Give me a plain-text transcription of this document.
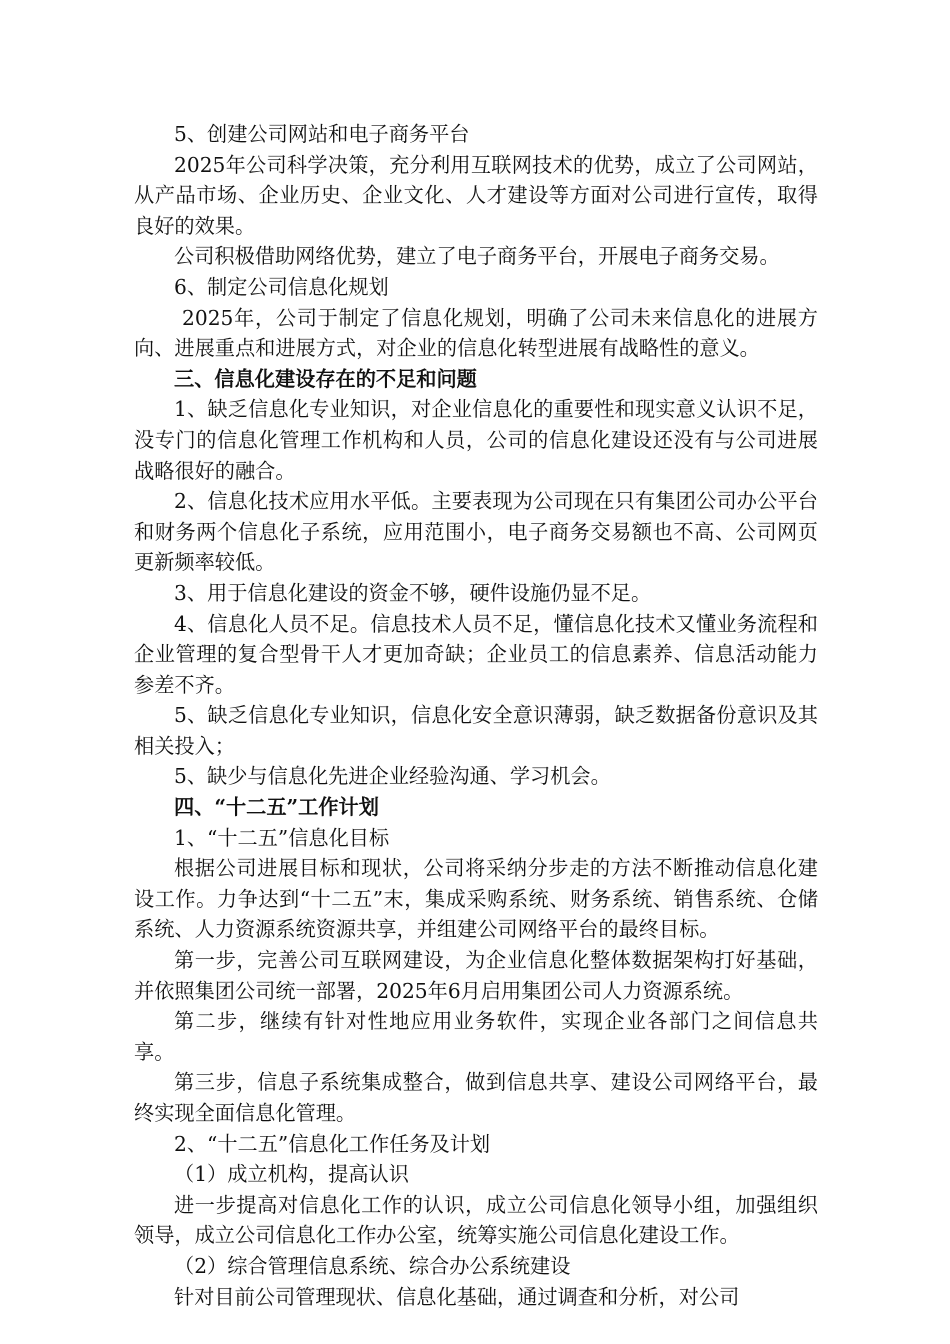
5、创建公司网站和电子商务平台

2025年公司科学决策，充分利用互联网技术的优势，成立了公司网站，从产品市场、企业历史、企业文化、人才建设等方面对公司进行宣传，取得良好的效果。

公司积极借助网络优势，建立了电子商务平台，开展电子商务交易。

6、制定公司信息化规划

2025年，公司于制定了信息化规划，明确了公司未来信息化的进展方向、进展重点和进展方式，对企业的信息化转型进展有战略性的意义。

三、信息化建设存在的不足和问题

1、缺乏信息化专业知识，对企业信息化的重要性和现实意义认识不足，没专门的信息化管理工作机构和人员，公司的信息化建设还没有与公司进展战略很好的融合。

2、信息化技术应用水平低。主要表现为公司现在只有集团公司办公平台和财务两个信息化子系统，应用范围小，电子商务交易额也不高、公司网页更新频率较低。

3、用于信息化建设的资金不够，硬件设施仍显不足。

4、信息化人员不足。信息技术人员不足，懂信息化技术又懂业务流程和企业管理的复合型骨干人才更加奇缺；企业员工的信息素养、信息活动能力参差不齐。

5、缺乏信息化专业知识，信息化安全意识薄弱，缺乏数据备份意识及其相关投入；

5、缺少与信息化先进企业经验沟通、学习机会。

四、“十二五”工作计划

1、“十二五”信息化目标

根据公司进展目标和现状，公司将采纳分步走的方法不断推动信息化建设工作。力争达到“十二五”末，集成采购系统、财务系统、销售系统、仓储系统、人力资源系统资源共享，并组建公司网络平台的最终目标。

第一步，完善公司互联网建设，为企业信息化整体数据架构打好基础，并依照集团公司统一部署，2025年6月启用集团公司人力资源系统。

第二步，继续有针对性地应用业务软件，实现企业各部门之间信息共享。

第三步，信息子系统集成整合，做到信息共享、建设公司网络平台，最终实现全面信息化管理。

2、“十二五”信息化工作任务及计划

（1）成立机构，提高认识

进一步提高对信息化工作的认识，成立公司信息化领导小组，加强组织领导，成立公司信息化工作办公室，统筹实施公司信息化建设工作。

（2）综合管理信息系统、综合办公系统建设

针对目前公司管理现状、信息化基础，通过调查和分析，对公司
